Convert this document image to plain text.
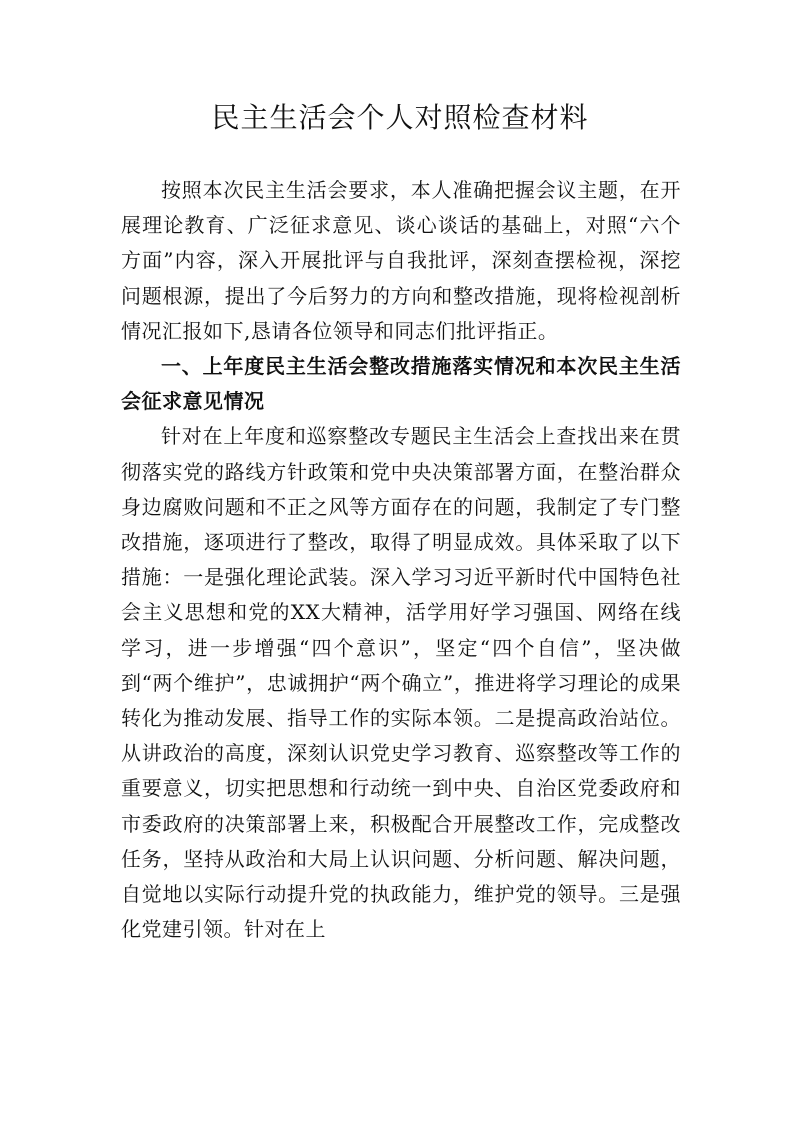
民主生活会个人对照检查材料

按照本次民主生活会要求，本人准确把握会议主题，在开展理论教育、广泛征求意见、谈心谈话的基础上，对照“六个方面”内容，深入开展批评与自我批评，深刻查摆检视，深挖问题根源，提出了今后努力的方向和整改措施，现将检视剖析情况汇报如下,恳请各位领导和同志们批评指正。

一、上年度民主生活会整改措施落实情况和本次民主生活会征求意见情况

针对在上年度和巡察整改专题民主生活会上查找出来在贯彻落实党的路线方针政策和党中央决策部署方面，在整治群众身边腐败问题和不正之风等方面存在的问题，我制定了专门整改措施，逐项进行了整改，取得了明显成效。具体采取了以下措施：一是强化理论武装。深入学习习近平新时代中国特色社会主义思想和党的XX大精神，活学用好学习强国、网络在线学习，进一步增强“四个意识”，坚定“四个自信”，坚决做到“两个维护”，忠诚拥护“两个确立”，推进将学习理论的成果转化为推动发展、指导工作的实际本领。二是提高政治站位。从讲政治的高度，深刻认识党史学习教育、巡察整改等工作的重要意义，切实把思想和行动统一到中央、自治区党委政府和市委政府的决策部署上来，积极配合开展整改工作，完成整改任务，坚持从政治和大局上认识问题、分析问题、解决问题，自觉地以实际行动提升党的执政能力，维护党的领导。三是强化党建引领。针对在上
